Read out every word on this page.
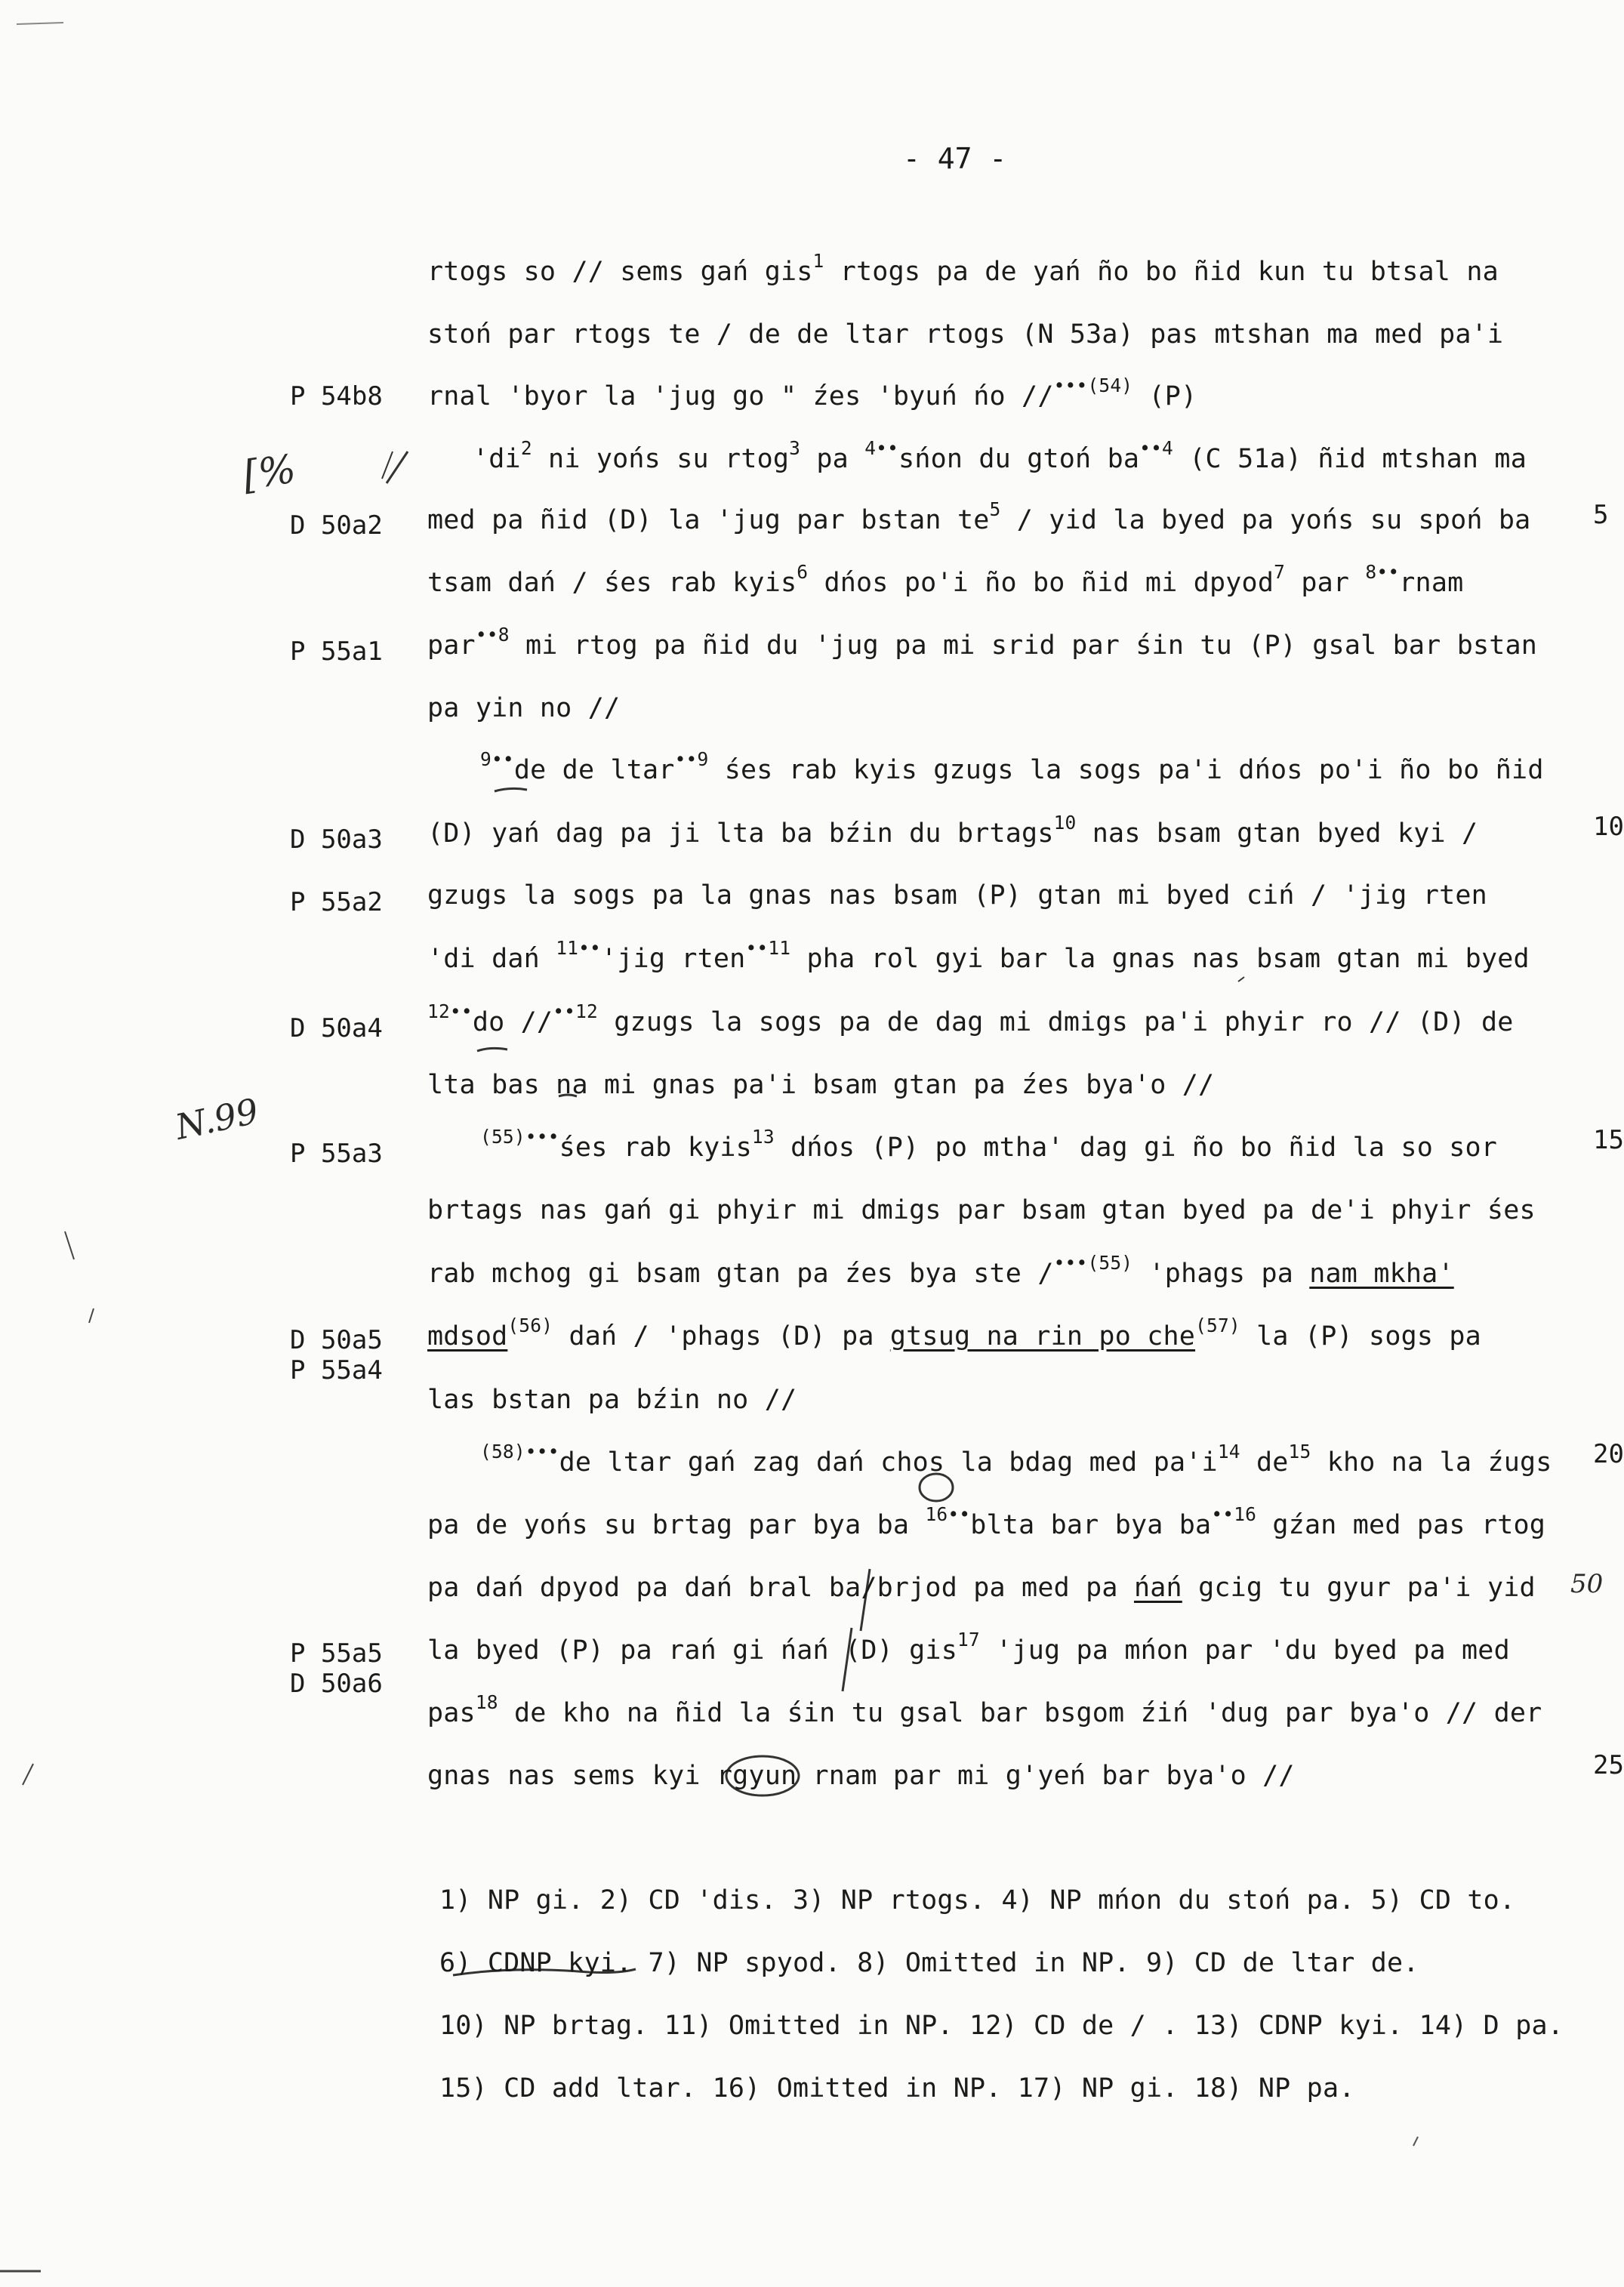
- 47 -
P 54b8
D 50a2
P 55a1
D 50a3
P 55a2
D 50a4
P 55a3
D 50a5
P 55a4
P 55a5
D 50a6
5
10
15
20
25
[%
N.99
50
rtogs so // sems gań gis$^1$ rtogs pa de yań ño bo ñid kun tu btsal na
stoń par rtogs te / de de ltar rtogs (N 53a) pas mtshan ma med pa'i
rnal 'byor la 'jug go " źes 'byuń ńo //$^{•••(54)}$ (P)
'$di^2$ ni yońs su rtog$^3$ pa $^{4••}$sńon du gtoń $ba^{••4}$ (C 51a) ñid mtshan ma
med pa ñid (D) la 'jug par bstan $te^5$ / yid la byed pa yońs su spoń ba
tsam dań / śes rab kyis$^6$ dńos po'i ño bo ñid mi dpyod$^7$ par $^{8••}$rnam
par$^{••8}$ mi rtog pa ñid du 'jug pa mi srid par śin tu (P) gsal bar bstan
pa yin no //
$^{9••}$de de ltar$^{••9}$ śes rab kyis gzugs la sogs pa'i dńos po'i ño bo ñid
(D) yań dag pa ji lta ba bźin du brtags$^{10}$ nas bsam gtan byed kyi /
gzugs la sogs pa la gnas nas bsam (P) gtan mi byed ciń / 'jig rten
'di dań $^{11••}$'jig rten$^{••11}$ pha rol gyi bar la gnas nas bsam gtan mi byed
$^{12••}$do //$^{••12}$ gzugs la sogs pa de dag mi dmigs pa'i phyir ro // (D) de
lta bas na mi gnas pa'i bsam gtan pa źes bya'o //
$^{(55)•••}$śes rab kyis$^{13}$ dńos (P) po mtha' dag gi ño bo ñid la so sor
brtags nas gań gi phyir mi dmigs par bsam gtan byed pa de'i phyir śes
rab mchog gi bsam gtan pa źes bya ste /$^{•••(55)}$ 'phags pa nam mkha'
mdsod$^{(56)}$ dań / 'phags (D) pa gtsug na rin po che$^{(57)}$ la (P) sogs pa
las bstan pa bźin no //
$^{(58)•••}$de ltar gań zag dań chos la bdag med $pa'i^{14}$ $de^{15}$ kho na la źugs
pa de yońs su brtag par bya ba $^{16••}$blta bar bya $ba^{••16}$ gźan med pas rtog
pa dań dpyod pa dań bral ba/brjod pa med pa ńań gcig tu gyur pa'i yid
la byed (P) pa rań gi ńań (D) gis$^{17}$ 'jug pa mńon par 'du byed pa med
pas$^{18}$ de kho na ñid la śin tu gsal bar bsgom źiń 'dug par bya'o // der
gnas nas sems kyi rgyun rnam par mi g'yeń bar bya'o //
1) NP gi. 2) CD 'dis. 3) NP rtogs. 4) NP mńon du stoń pa. 5) CD to.
6) CDNP kyi. 7) NP spyod. 8) Omitted in NP. 9) CD de ltar de.
10) NP brtag. 11) Omitted in NP. 12) CD de / . 13) CDNP kyi. 14) D pa.
15) CD add ltar. 16) Omitted in NP. 17) NP gi. 18) NP pa.
